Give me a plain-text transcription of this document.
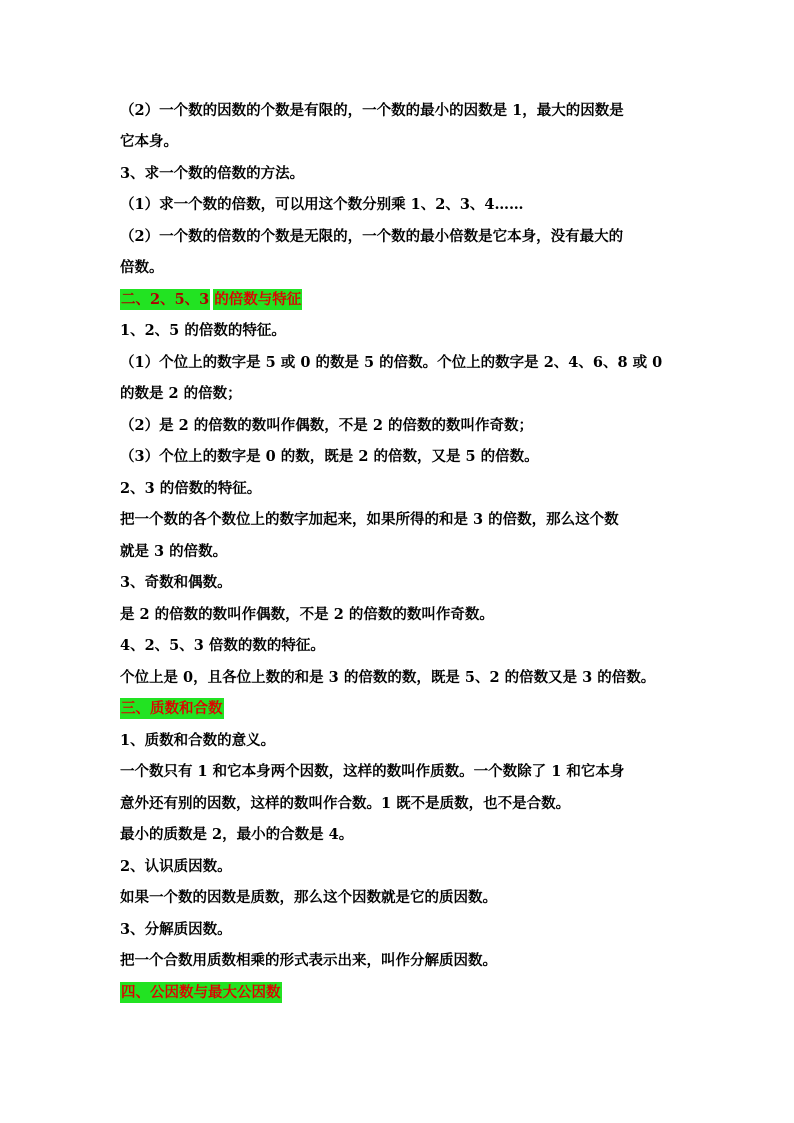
（2）一个数的因数的个数是有限的，一个数的最小的因数是 1，最大的因数是
它本身。
3、求一个数的倍数的方法。
（1）求一个数的倍数，可以用这个数分别乘 1、2、3、4……
（2）一个数的倍数的个数是无限的，一个数的最小倍数是它本身，没有最大的
倍数。
二、2、5、3 的倍数与特征
1、2、5 的倍数的特征。
（1）个位上的数字是 5 或 0 的数是 5 的倍数。个位上的数字是 2、4、6、8 或 0
的数是 2 的倍数；
（2）是 2 的倍数的数叫作偶数，不是 2 的倍数的数叫作奇数；
（3）个位上的数字是 0 的数，既是 2 的倍数，又是 5 的倍数。
2、3 的倍数的特征。
把一个数的各个数位上的数字加起来，如果所得的和是 3 的倍数，那么这个数
就是 3 的倍数。
3、奇数和偶数。
是 2 的倍数的数叫作偶数，不是 2 的倍数的数叫作奇数。
4、2、5、3 倍数的数的特征。
个位上是 0，且各位上数的和是 3 的倍数的数，既是 5、2 的倍数又是 3 的倍数。
三、质数和合数
1、质数和合数的意义。
一个数只有 1 和它本身两个因数，这样的数叫作质数。一个数除了 1 和它本身
意外还有别的因数，这样的数叫作合数。1 既不是质数，也不是合数。
最小的质数是 2，最小的合数是 4。
2、认识质因数。
如果一个数的因数是质数，那么这个因数就是它的质因数。
3、分解质因数。
把一个合数用质数相乘的形式表示出来，叫作分解质因数。
四、公因数与最大公因数
